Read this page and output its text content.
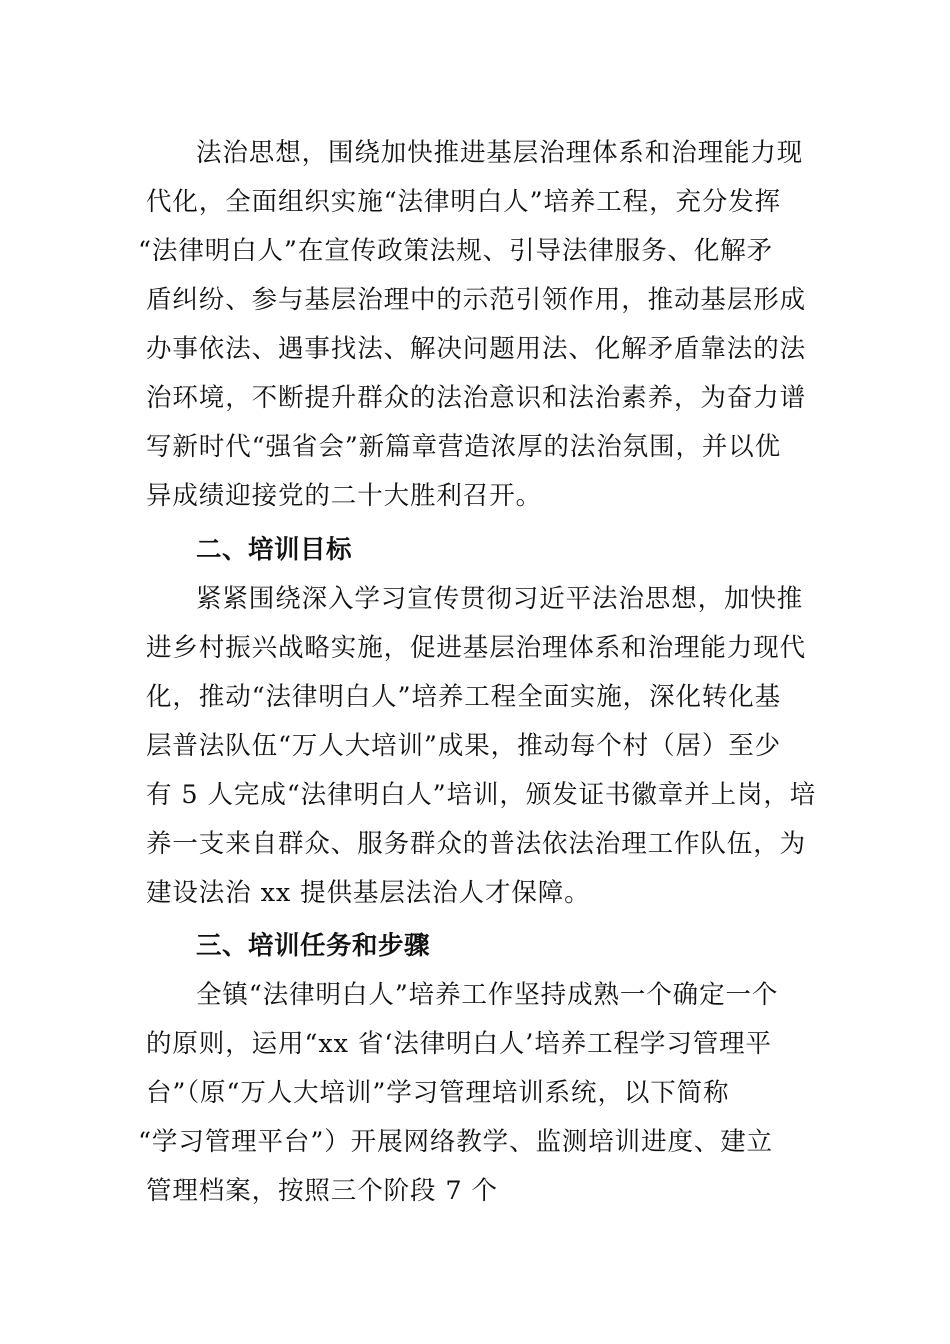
法治思想，围绕加快推进基层治理体系和治理能力现
代化，全面组织实施“法律明白人”培养工程，充分发挥
“法律明白人”在宣传政策法规、引导法律服务、化解矛
盾纠纷、参与基层治理中的示范引领作用，推动基层形成
办事依法、遇事找法、解决问题用法、化解矛盾靠法的法
治环境，不断提升群众的法治意识和法治素养，为奋力谱
写新时代“强省会”新篇章营造浓厚的法治氛围，并以优
异成绩迎接党的二十大胜利召开。
二、培训目标
紧紧围绕深入学习宣传贯彻习近平法治思想，加快推
进乡村振兴战略实施，促进基层治理体系和治理能力现代
化，推动“法律明白人”培养工程全面实施，深化转化基
层普法队伍“万人大培训”成果，推动每个村（居）至少
有 5 人完成“法律明白人”培训，颁发证书徽章并上岗，培
养一支来自群众、服务群众的普法依法治理工作队伍，为
建设法治 xx 提供基层法治人才保障。
三、培训任务和步骤
全镇“法律明白人”培养工作坚持成熟一个确定一个
的原则，运用“xx 省‘法律明白人’培养工程学习管理平
台”（原“万人大培训”学习管理培训系统，以下简称
“学习管理平台”）开展网络教学、监测培训进度、建立
管理档案，按照三个阶段 7 个
